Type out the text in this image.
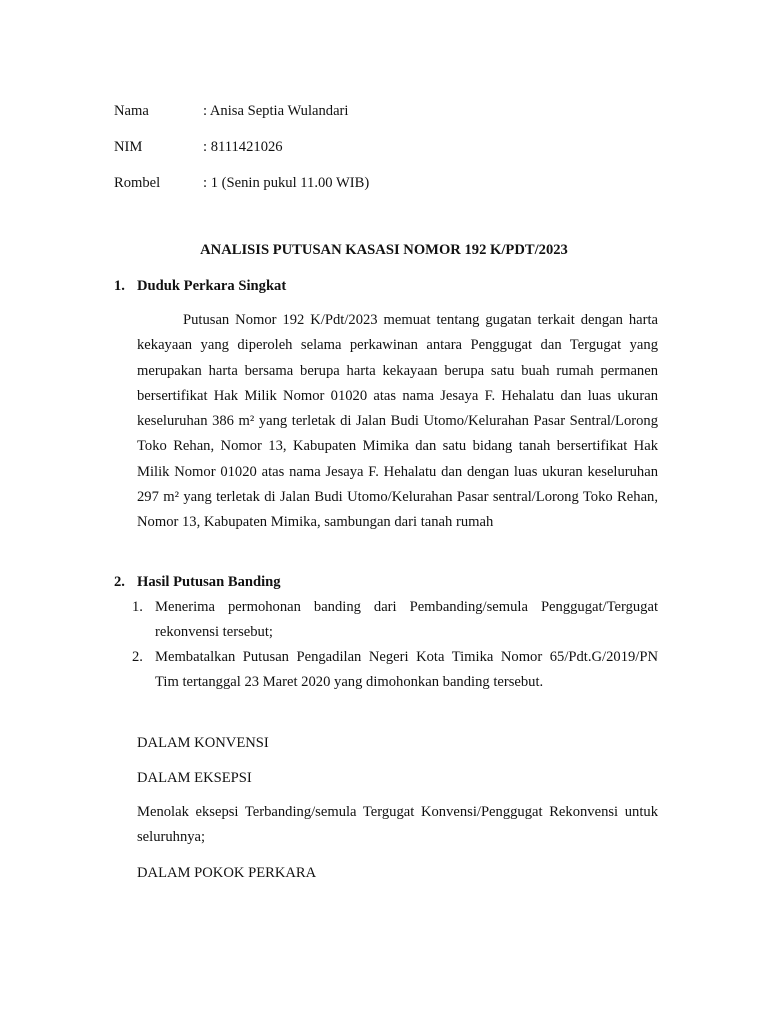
Nama	: Anisa Septia Wulandari
NIM	: 8111421026
Rombel	: 1 (Senin pukul 11.00 WIB)
ANALISIS PUTUSAN KASASI NOMOR 192 K/PDT/2023
1. Duduk Perkara Singkat

Putusan Nomor 192 K/Pdt/2023 memuat tentang gugatan terkait dengan harta kekayaan yang diperoleh selama perkawinan antara Penggugat dan Tergugat yang merupakan harta bersama berupa harta kekayaan berupa satu buah rumah permanen bersertifikat Hak Milik Nomor 01020 atas nama Jesaya F. Hehalatu dan luas ukuran keseluruhan 386 m² yang terletak di Jalan Budi Utomo/Kelurahan Pasar Sentral/Lorong Toko Rehan, Nomor 13, Kabupaten Mimika dan satu bidang tanah bersertifikat Hak Milik Nomor 01020 atas nama Jesaya F. Hehalatu dan dengan luas ukuran keseluruhan 297 m² yang terletak di Jalan Budi Utomo/Kelurahan Pasar sentral/Lorong Toko Rehan, Nomor 13, Kabupaten Mimika, sambungan dari tanah rumah

2. Hasil Putusan Banding
1. Menerima permohonan banding dari Pembanding/semula Penggugat/Tergugat rekonvensi tersebut;

2. Membatalkan Putusan Pengadilan Negeri Kota Timika Nomor 65/Pdt.G/2019/PN Tim tertanggal 23 Maret 2020 yang dimohonkan banding tersebut.

DALAM KONVENSI
DALAM EKSEPSI

Menolak eksepsi Terbanding/semula Tergugat Konvensi/Penggugat Rekonvensi untuk seluruhnya;

DALAM POKOK PERKARA
